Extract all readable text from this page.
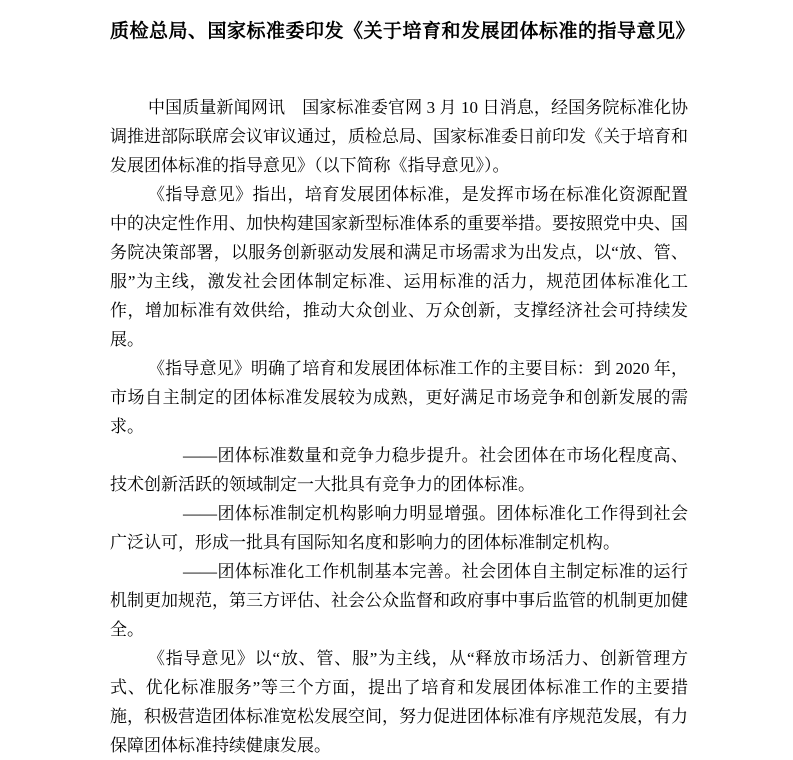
质检总局、国家标准委印发《关于培育和发展团体标准的指导意见》

中国质量新闻网讯　国家标准委官网 3 月 10 日消息，经国务院标准化协调推进部际联席会议审议通过，质检总局、国家标准委日前印发《关于培育和发展团体标准的指导意见》（以下简称《指导意见》）。

《指导意见》指出，培育发展团体标准，是发挥市场在标准化资源配置中的决定性作用、加快构建国家新型标准体系的重要举措。要按照党中央、国务院决策部署，以服务创新驱动发展和满足市场需求为出发点，以“放、管、服”为主线，激发社会团体制定标准、运用标准的活力，规范团体标准化工作，增加标准有效供给，推动大众创业、万众创新，支撑经济社会可持续发展。

《指导意见》明确了培育和发展团体标准工作的主要目标：到 2020 年，市场自主制定的团体标准发展较为成熟，更好满足市场竞争和创新发展的需求。

——团体标准数量和竞争力稳步提升。社会团体在市场化程度高、技术创新活跃的领域制定一大批具有竞争力的团体标准。

——团体标准制定机构影响力明显增强。团体标准化工作得到社会广泛认可，形成一批具有国际知名度和影响力的团体标准制定机构。

——团体标准化工作机制基本完善。社会团体自主制定标准的运行机制更加规范，第三方评估、社会公众监督和政府事中事后监管的机制更加健全。

《指导意见》以“放、管、服”为主线，从“释放市场活力、创新管理方式、优化标准服务”等三个方面，提出了培育和发展团体标准工作的主要措施，积极营造团体标准宽松发展空间，努力促进团体标准有序规范发展，有力保障团体标准持续健康发展。
